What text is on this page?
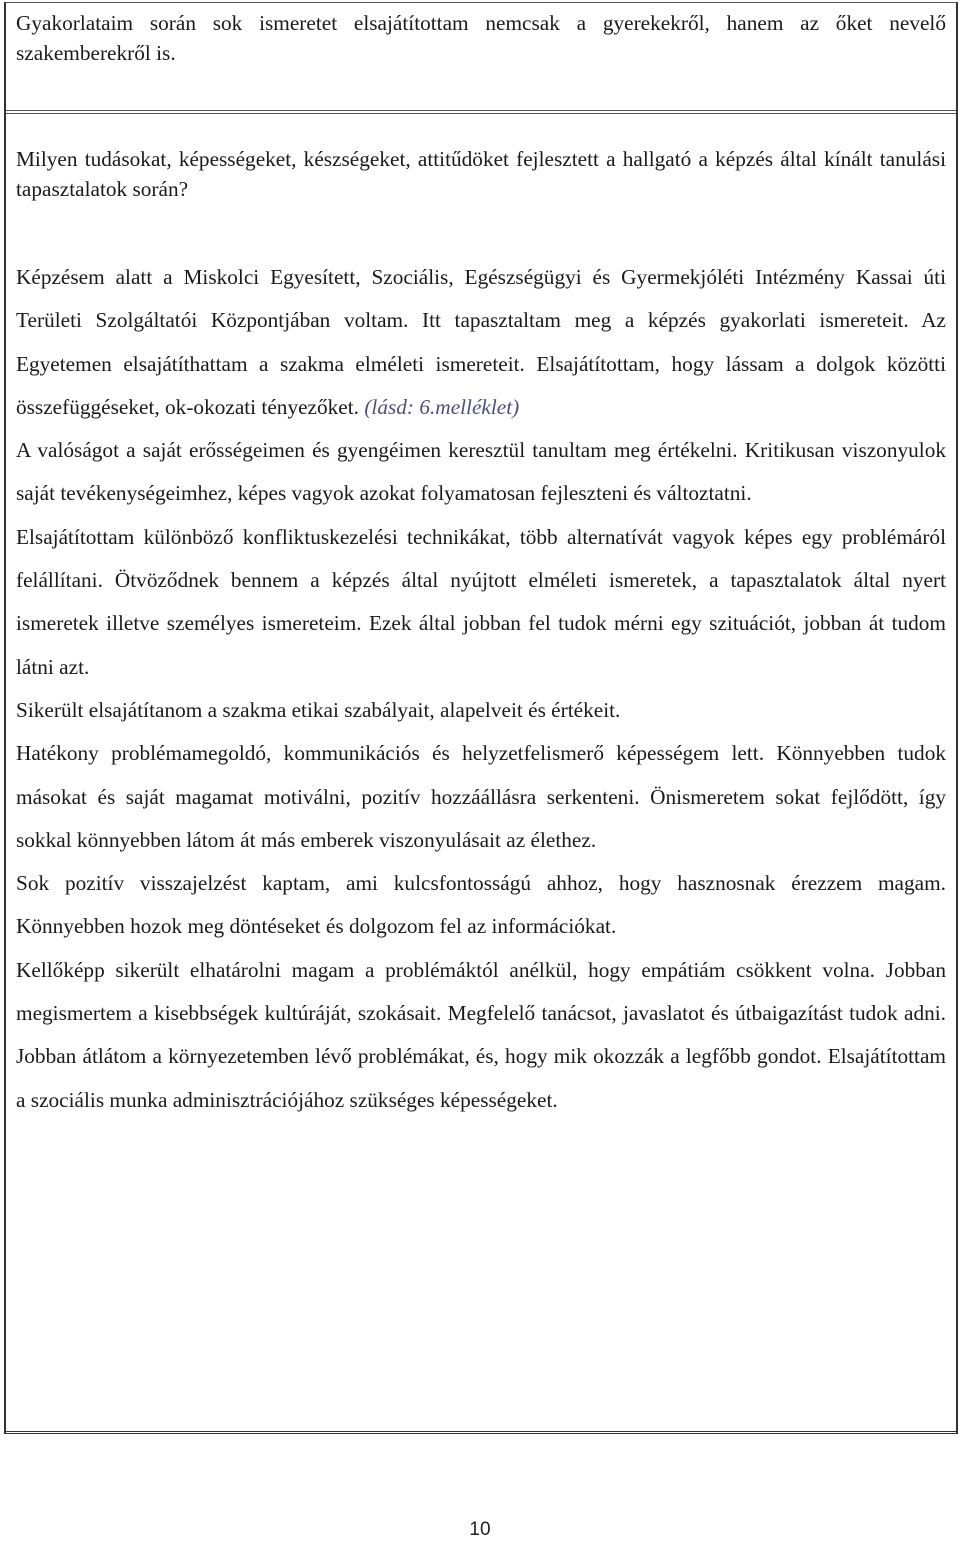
Gyakorlataim során sok ismeretet elsajátítottam nemcsak a gyerekekről, hanem az őket nevelő szakemberekről is.

Milyen tudásokat, képességeket, készségeket, attitűdöket fejlesztett a hallgató a képzés által kínált tanulási tapasztalatok során?

Képzésem alatt a Miskolci Egyesített, Szociális, Egészségügyi és Gyermekjóléti Intézmény Kassai úti Területi Szolgáltatói Központjában voltam. Itt tapasztaltam meg a képzés gyakorlati ismereteit. Az Egyetemen elsajátíthattam a szakma elméleti ismereteit. Elsajátítottam, hogy lássam a dolgok közötti összefüggéseket, ok-okozati tényezőket. (lásd: 6.melléklet)

A valóságot a saját erősségeimen és gyengéimen keresztül tanultam meg értékelni. Kritikusan viszonyulok saját tevékenységeimhez, képes vagyok azokat folyamatosan fejleszteni és változtatni.

Elsajátítottam különböző konfliktuskezelési technikákat, több alternatívát vagyok képes egy problémáról felállítani. Ötvöződnek bennem a képzés által nyújtott elméleti ismeretek, a tapasztalatok által nyert ismeretek illetve személyes ismereteim. Ezek által jobban fel tudok mérni egy szituációt, jobban át tudom látni azt.

Sikerült elsajátítanom a szakma etikai szabályait, alapelveit és értékeit.

Hatékony problémamegoldó, kommunikációs és helyzetfelismerő képességem lett. Könnyebben tudok másokat és saját magamat motiválni, pozitív hozzáállásra serkenteni. Önismeretem sokat fejlődött, így sokkal könnyebben látom át más emberek viszonyulásait az élethez.

Sok pozitív visszajelzést kaptam, ami kulcsfontosságú ahhoz, hogy hasznosnak érezzem magam. Könnyebben hozok meg döntéseket és dolgozom fel az információkat.

Kellőképp sikerült elhatárolni magam a problémáktól anélkül, hogy empátiám csökkent volna. Jobban megismertem a kisebbségek kultúráját, szokásait. Megfelelő tanácsot, javaslatot és útbaigazítást tudok adni. Jobban átlátom a környezetemben lévő problémákat, és, hogy mik okozzák a legfőbb gondot. Elsajátítottam a szociális munka adminisztrációjához szükséges képességeket.

10
